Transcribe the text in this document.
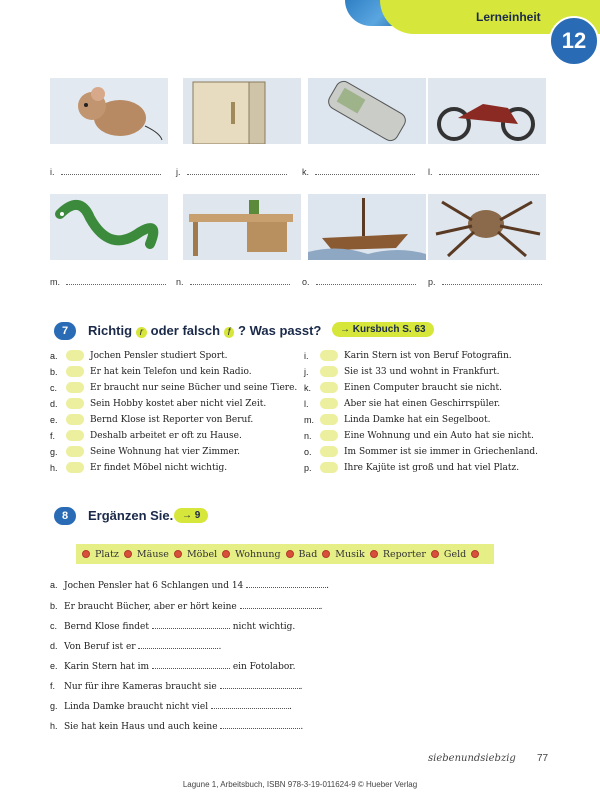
Lerneinheit
12
i.	j.	k.	l.
m.	n.	o.	p.
7	Richtig r oder falsch f ? Was passt?	→ Kursbuch S. 63
a.	Jochen Pensler studiert Sport.
b.	Er hat kein Telefon und kein Radio.
c.	Er braucht nur seine Bücher und seine Tiere.
d.	Sein Hobby kostet aber nicht viel Zeit.
e.	Bernd Klose ist Reporter von Beruf.
f.	Deshalb arbeitet er oft zu Hause.
g.	Seine Wohnung hat vier Zimmer.
h.	Er findet Möbel nicht wichtig.
i.	Karin Stern ist von Beruf Fotografin.
j.	Sie ist 33 und wohnt in Frankfurt.
k.	Einen Computer braucht sie nicht.
l.	Aber sie hat einen Geschirrspüler.
m.	Linda Damke hat ein Segelboot.
n.	Eine Wohnung und ein Auto hat sie nicht.
o.	Im Sommer ist sie immer in Griechenland.
p.	Ihre Kajüte ist groß und hat viel Platz.
8	Ergänzen Sie. → 9
Platz Mäuse Möbel Wohnung Bad Musik Reporter Geld
a. Jochen Pensler hat 6 Schlangen und 14
	.
b. Er braucht Bücher, aber er hört keine
	.
c. Bernd Klose findet

	nicht wichtig.
d. Von Beruf ist er
	.
e. Karin Stern hat im

	ein Fotolabor.
f. Nur für ihre Kameras braucht sie
	.
g. Linda Damke braucht nicht viel
	.
h. Sie hat kein Haus und auch keine
	.
siebenundsiebzig 77
Lagune 1, Arbeitsbuch, ISBN 978-3-19-011624-9 © Hueber Verlag
